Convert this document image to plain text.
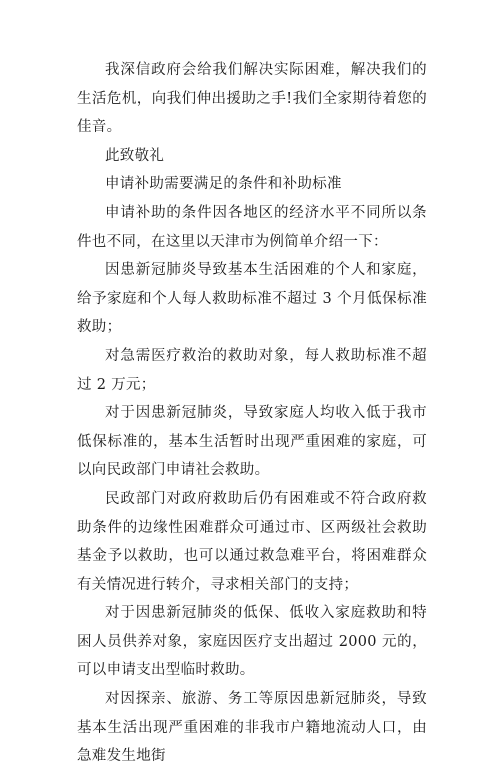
我深信政府会给我们解决实际困难，解决我们的生活危机，向我们伸出援助之手!我们全家期待着您的佳音。

此致敬礼

申请补助需要满足的条件和补助标准

申请补助的条件因各地区的经济水平不同所以条件也不同，在这里以天津市为例简单介绍一下：

因患新冠肺炎导致基本生活困难的个人和家庭，给予家庭和个人每人救助标准不超过 3 个月低保标准救助；

对急需医疗救治的救助对象，每人救助标准不超过 2 万元；

对于因患新冠肺炎，导致家庭人均收入低于我市低保标准的，基本生活暂时出现严重困难的家庭，可以向民政部门申请社会救助。

民政部门对政府救助后仍有困难或不符合政府救助条件的边缘性困难群众可通过市、区两级社会救助基金予以救助，也可以通过救急难平台，将困难群众有关情况进行转介，寻求相关部门的支持；

对于因患新冠肺炎的低保、低收入家庭救助和特困人员供养对象，家庭因医疗支出超过 2000 元的，可以申请支出型临时救助。

对因探亲、旅游、务工等原因患新冠肺炎，导致基本生活出现严重困难的非我市户籍地流动人口，由急难发生地街
